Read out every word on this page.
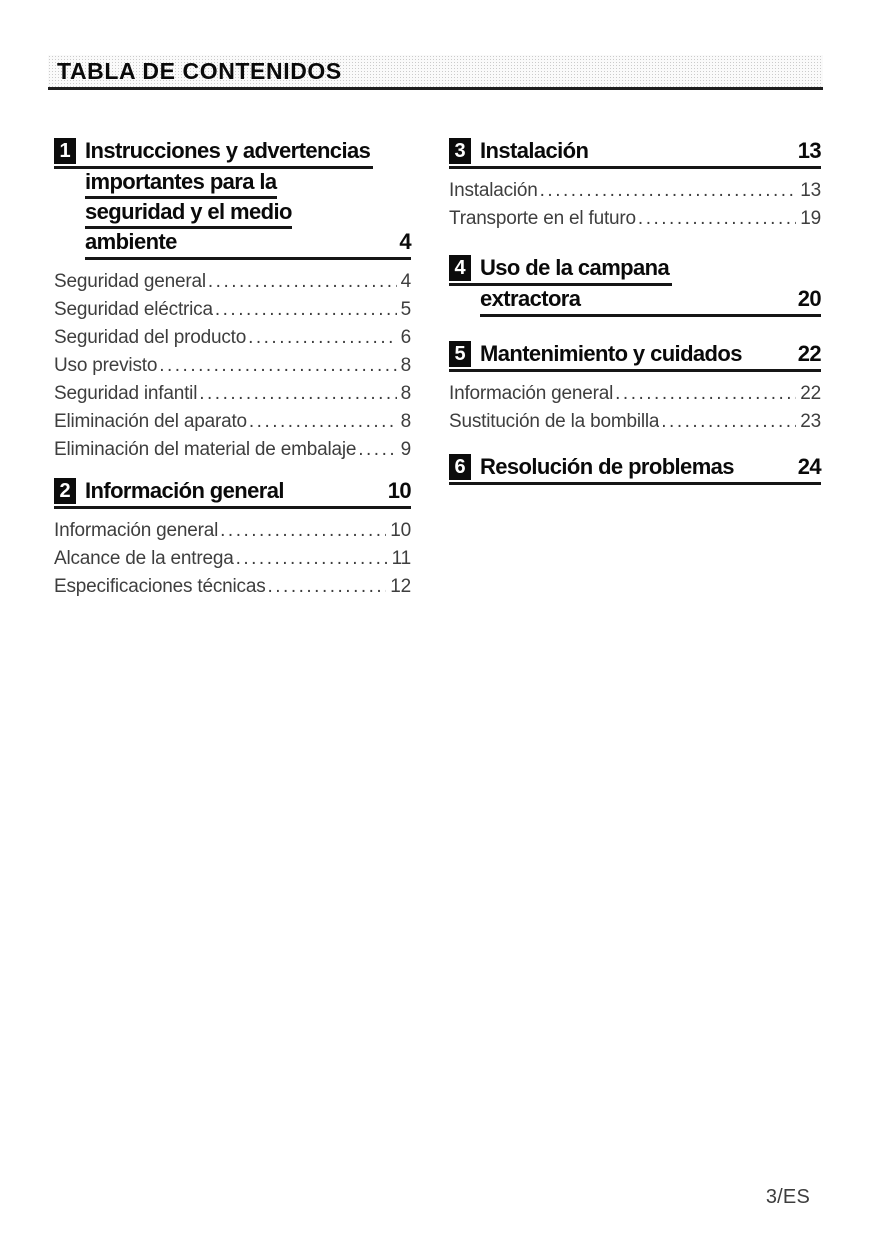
TABLA DE CONTENIDOS
1 Instrucciones y advertencias
importantes para la
seguridad y el medio
ambiente	4
Seguridad general .....	4
Seguridad eléctrica .....	5
Seguridad del producto .....	6
Uso previsto .....	8
Seguridad infantil .....	8
Eliminación del aparato .....	8
Eliminación del material de embalaje ..... 9
2 Información general	10
Información general .....	10
Alcance de la entrega .....	11
Especificaciones técnicas .....	12
3 Instalación	13
Instalación .....	13
Transporte en el futuro .....	19
4 Uso de la campana
extractora	20
5 Mantenimiento y cuidados	22
Información general .....	22
Sustitución de la bombilla .....	23
6 Resolución de problemas	24
3/ES
